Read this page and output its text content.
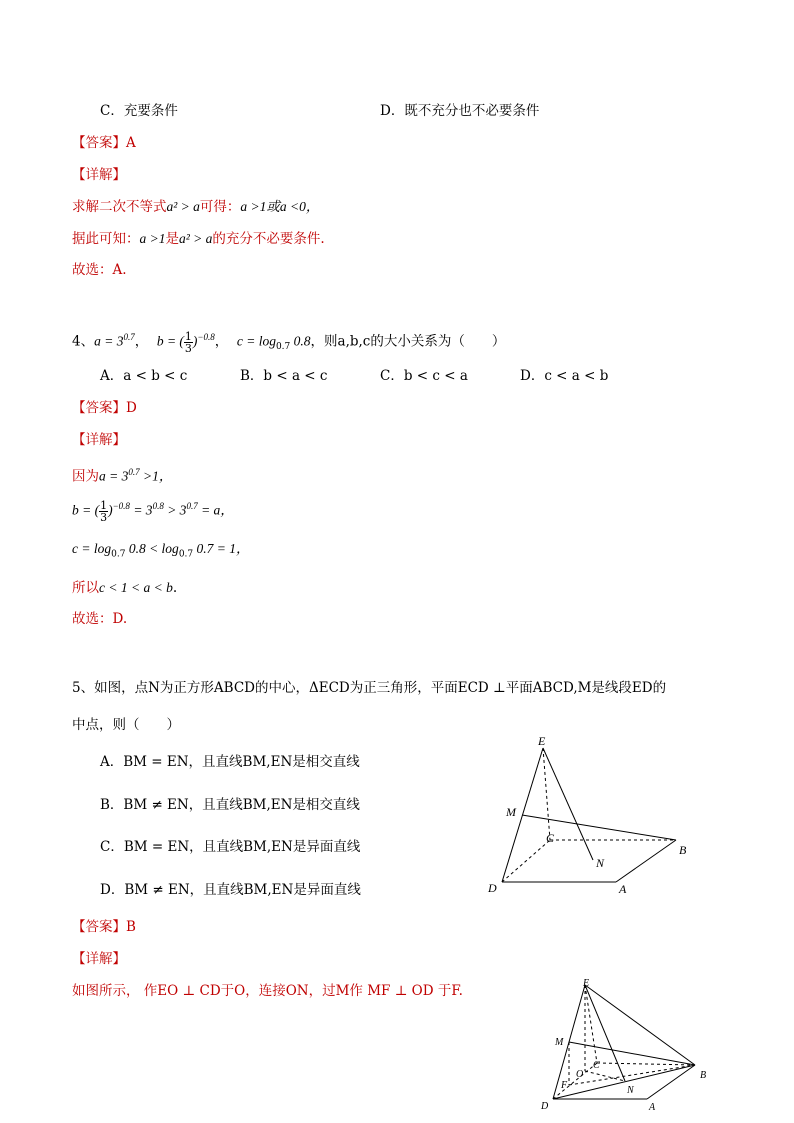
C．充要条件	D．既不充分也不必要条件
【答案】A
【详解】
求解二次不等式a² > a可得：a >1或a <0，
据此可知：a >1是a² > a的充分不必要条件.
故选：A.
4、$a = 3^{0.7}$，  b = ( $\frac{1}{3} )^{-0.8}$，  $c = \log_{0.7} 0.8$，则a,b,c的大小关系为（　　）
A．a < b < c	B．b < a < c	C．b < c < a	D．c < a < b
【答案】D
【详解】
因为$a = 3^{0.7} >1$，
b = ( $\frac{1}{3} )^{-0.8} = 3^{0.8} > 3^{0.7} = a$，
$c = \log_{0.7} 0.8 < \log_{0.7} 0.7 = 1$，
所以c < 1 < a < b.
故选：D.
5、如图，点N为正方形ABCD的中心，ΔECD为正三角形，平面ECD ⊥平面ABCD,M是线段ED的
中点，则（　　）
A．BM = EN，且直线BM,EN是相交直线
B．BM ≠ EN，且直线BM,EN是相交直线
C．BM = EN，且直线BM,EN是异面直线
D．BM ≠ EN，且直线BM,EN是异面直线
【答案】B
【详解】
如图所示， 作EO ⊥ CD于O，连接ON，过M作 MF ⊥ OD 于F.
E
M
C
N
B
D	A
E
M
O
C
F	N
B
D	A
